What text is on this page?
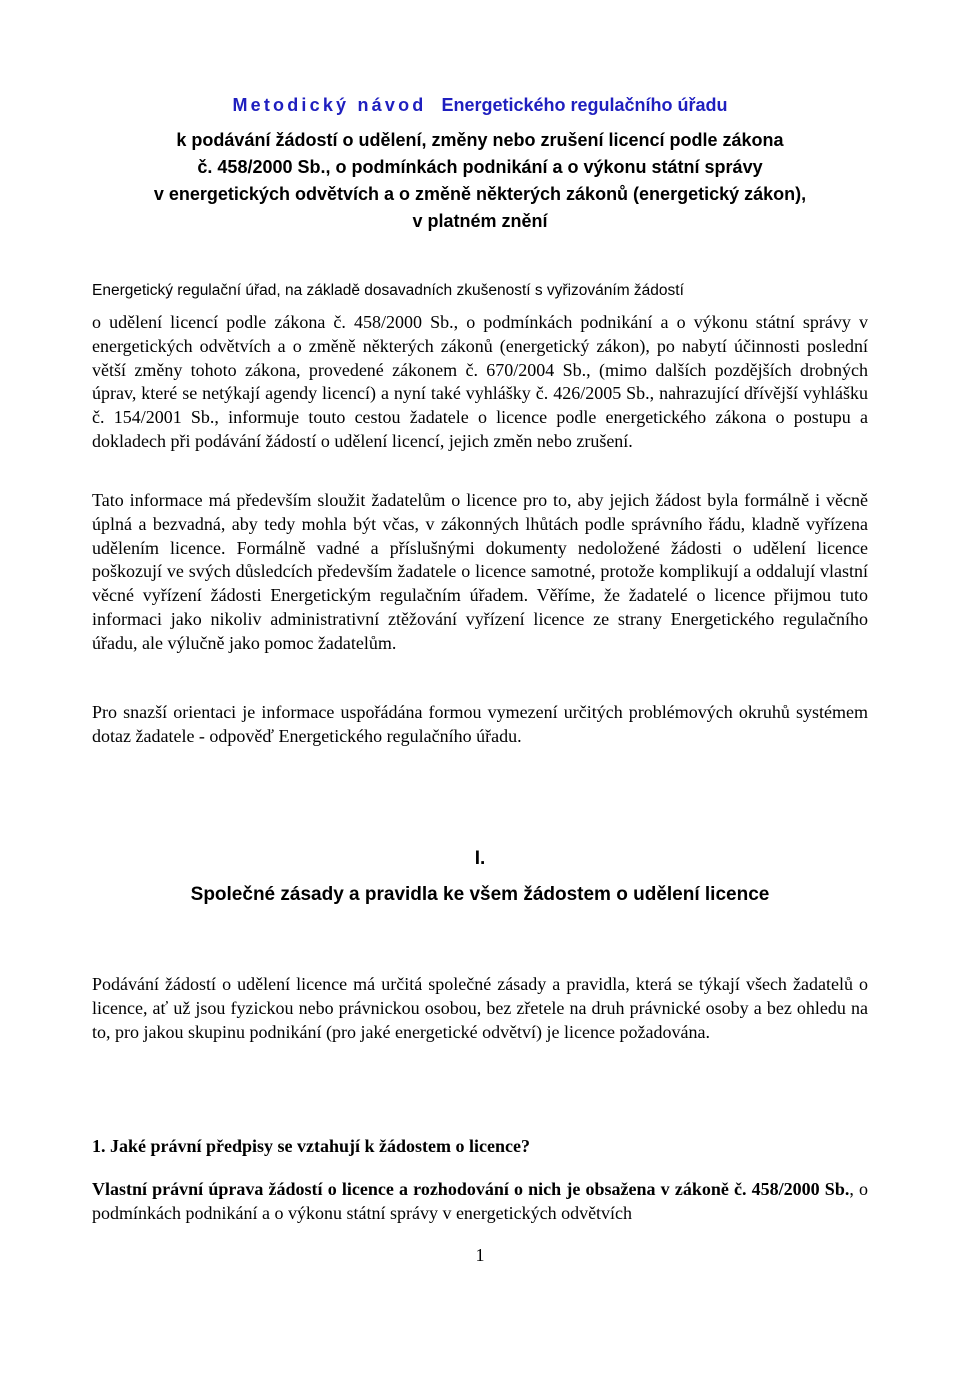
Metodický návod Energetického regulačního úřadu
k podávání žádostí o udělení, změny nebo zrušení licencí podle zákona
č. 458/2000 Sb., o podmínkách podnikání a o výkonu státní správy
v energetických odvětvích a o změně některých zákonů (energetický zákon),
v platném znění

Energetický regulační úřad, na základě dosavadních zkušeností s vyřizováním žádostí

o udělení licencí podle zákona č. 458/2000 Sb., o podmínkách podnikání a o výkonu státní správy v energetických odvětvích a o změně některých zákonů (energetický zákon), po nabytí účinnosti poslední větší změny tohoto zákona, provedené zákonem č. 670/2004 Sb., (mimo dalších pozdějších drobných úprav, které se netýkají agendy licencí) a nyní také vyhlášky č. 426/2005 Sb., nahrazující dřívější vyhlášku č. 154/2001 Sb., informuje touto cestou žadatele o licence podle energetického zákona o postupu a dokladech při podávání žádostí o udělení licencí, jejich změn nebo zrušení.

Tato informace má především sloužit žadatelům o licence pro to, aby jejich žádost byla formálně i věcně úplná a bezvadná, aby tedy mohla být včas, v zákonných lhůtách podle správního řádu, kladně vyřízena udělením licence. Formálně vadné a příslušnými dokumenty nedoložené žádosti o udělení licence poškozují ve svých důsledcích především žadatele o licence samotné, protože komplikují a oddalují vlastní věcné vyřízení žádosti Energetickým regulačním úřadem. Věříme, že žadatelé o licence přijmou tuto informaci jako nikoliv administrativní ztěžování vyřízení licence ze strany Energetického regulačního úřadu, ale výlučně jako pomoc žadatelům.

Pro snazší orientaci je informace uspořádána formou vymezení určitých problémových okruhů systémem dotaz žadatele - odpověď Energetického regulačního úřadu.

I.
Společné zásady a pravidla ke všem žádostem o udělení licence

Podávání žádostí o udělení licence má určitá společné zásady a pravidla, která se týkají všech žadatelů o licence, ať už jsou fyzickou nebo právnickou osobou, bez zřetele na druh právnické osoby a bez ohledu na to, pro jakou skupinu podnikání (pro jaké energetické odvětví) je licence požadována.

1. Jaké právní předpisy se vztahují k žádostem o licence?

Vlastní právní úprava žádostí o licence a rozhodování o nich je obsažena v zákoně č. 458/2000 Sb., o podmínkách podnikání a o výkonu státní správy v energetických odvětvích

1
